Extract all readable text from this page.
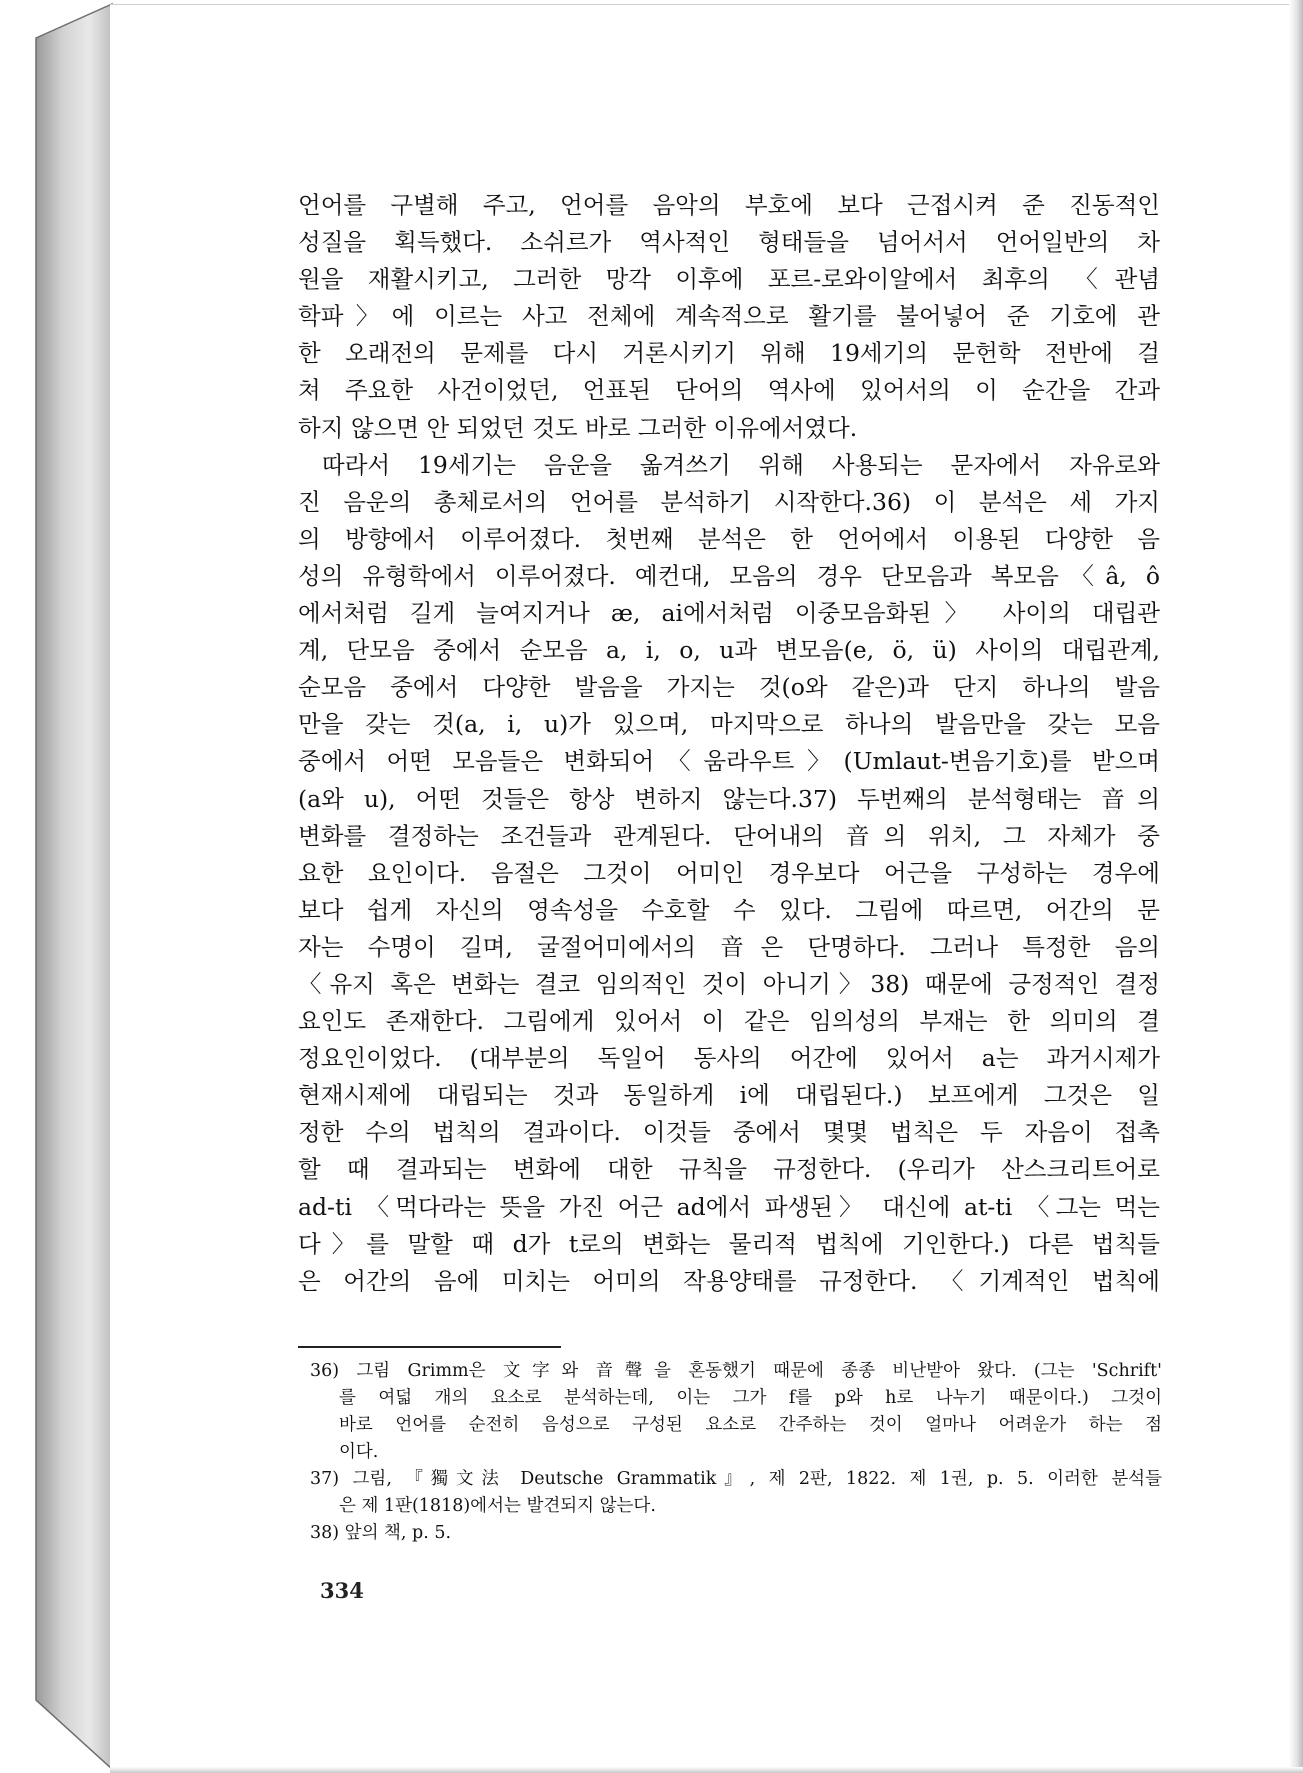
언어를 구별해 주고, 언어를 음악의 부호에 보다 근접시켜 준 진동적인
성질을 획득했다. 소쉬르가 역사적인 형태들을 넘어서서 언어일반의 차
원을 재활시키고, 그러한 망각 이후에 포르-로와이알에서 최후의 〈관념
학파〉에 이르는 사고 전체에 계속적으로 활기를 불어넣어 준 기호에 관
한 오래전의 문제를 다시 거론시키기 위해 19세기의 문헌학 전반에 걸
쳐 주요한 사건이었던, 언표된 단어의 역사에 있어서의 이 순간을 간과
하지 않으면 안 되었던 것도 바로 그러한 이유에서였다.
따라서 19세기는 음운을 옮겨쓰기 위해 사용되는 문자에서 자유로와
진 음운의 총체로서의 언어를 분석하기 시작한다.36) 이 분석은 세 가지
의 방향에서 이루어졌다. 첫번째 분석은 한 언어에서 이용된 다양한 음
성의 유형학에서 이루어졌다. 예컨대, 모음의 경우 단모음과 복모음〈â, ô
에서처럼 길게 늘여지거나 æ, ai에서처럼 이중모음화된〉 사이의 대립관
계, 단모음 중에서 순모음 a, i, o, u과 변모음(e, ö, ü) 사이의 대립관계,
순모음 중에서 다양한 발음을 가지는 것(o와 같은)과 단지 하나의 발음
만을 갖는 것(a, i, u)가 있으며, 마지막으로 하나의 발음만을 갖는 모음
중에서 어떤 모음들은 변화되어〈움라우트〉(Umlaut-변음기호)를 받으며
(a와 u), 어떤 것들은 항상 변하지 않는다.37) 두번째의 분석형태는 音의
변화를 결정하는 조건들과 관계된다. 단어내의 音의 위치, 그 자체가 중
요한 요인이다. 음절은 그것이 어미인 경우보다 어근을 구성하는 경우에
보다 쉽게 자신의 영속성을 수호할 수 있다. 그림에 따르면, 어간의 문
자는 수명이 길며, 굴절어미에서의 音은 단명하다. 그러나 특정한 음의
〈유지 혹은 변화는 결코 임의적인 것이 아니기〉38) 때문에 긍정적인 결정
요인도 존재한다. 그림에게 있어서 이 같은 임의성의 부재는 한 의미의 결
정요인이었다. (대부분의 독일어 동사의 어간에 있어서 a는 과거시제가
현재시제에 대립되는 것과 동일하게 i에 대립된다.) 보프에게 그것은 일
정한 수의 법칙의 결과이다. 이것들 중에서 몇몇 법칙은 두 자음이 접촉
할 때 결과되는 변화에 대한 규칙을 규정한다. (우리가 산스크리트어로
ad-ti 〈먹다라는 뜻을 가진 어근 ad에서 파생된〉 대신에 at-ti 〈그는 먹는
다〉를 말할 때 d가 t로의 변화는 물리적 법칙에 기인한다.) 다른 법칙들
은 어간의 음에 미치는 어미의 작용양태를 규정한다. 〈기계적인 법칙에
36) 그림 Grimm은 文字와 音聲을 혼동했기 때문에 종종 비난받아 왔다. (그는 'Schrift'
를 여덟 개의 요소로 분석하는데, 이는 그가 f를 p와 h로 나누기 때문이다.) 그것이
바로 언어를 순전히 음성으로 구성된 요소로 간주하는 것이 얼마나 어려운가 하는 점
이다.
37) 그림, 『獨文法 Deutsche Grammatik』, 제 2판, 1822. 제 1권, p. 5. 이러한 분석들
은 제 1판(1818)에서는 발견되지 않는다.
38) 앞의 책, p. 5.
334
